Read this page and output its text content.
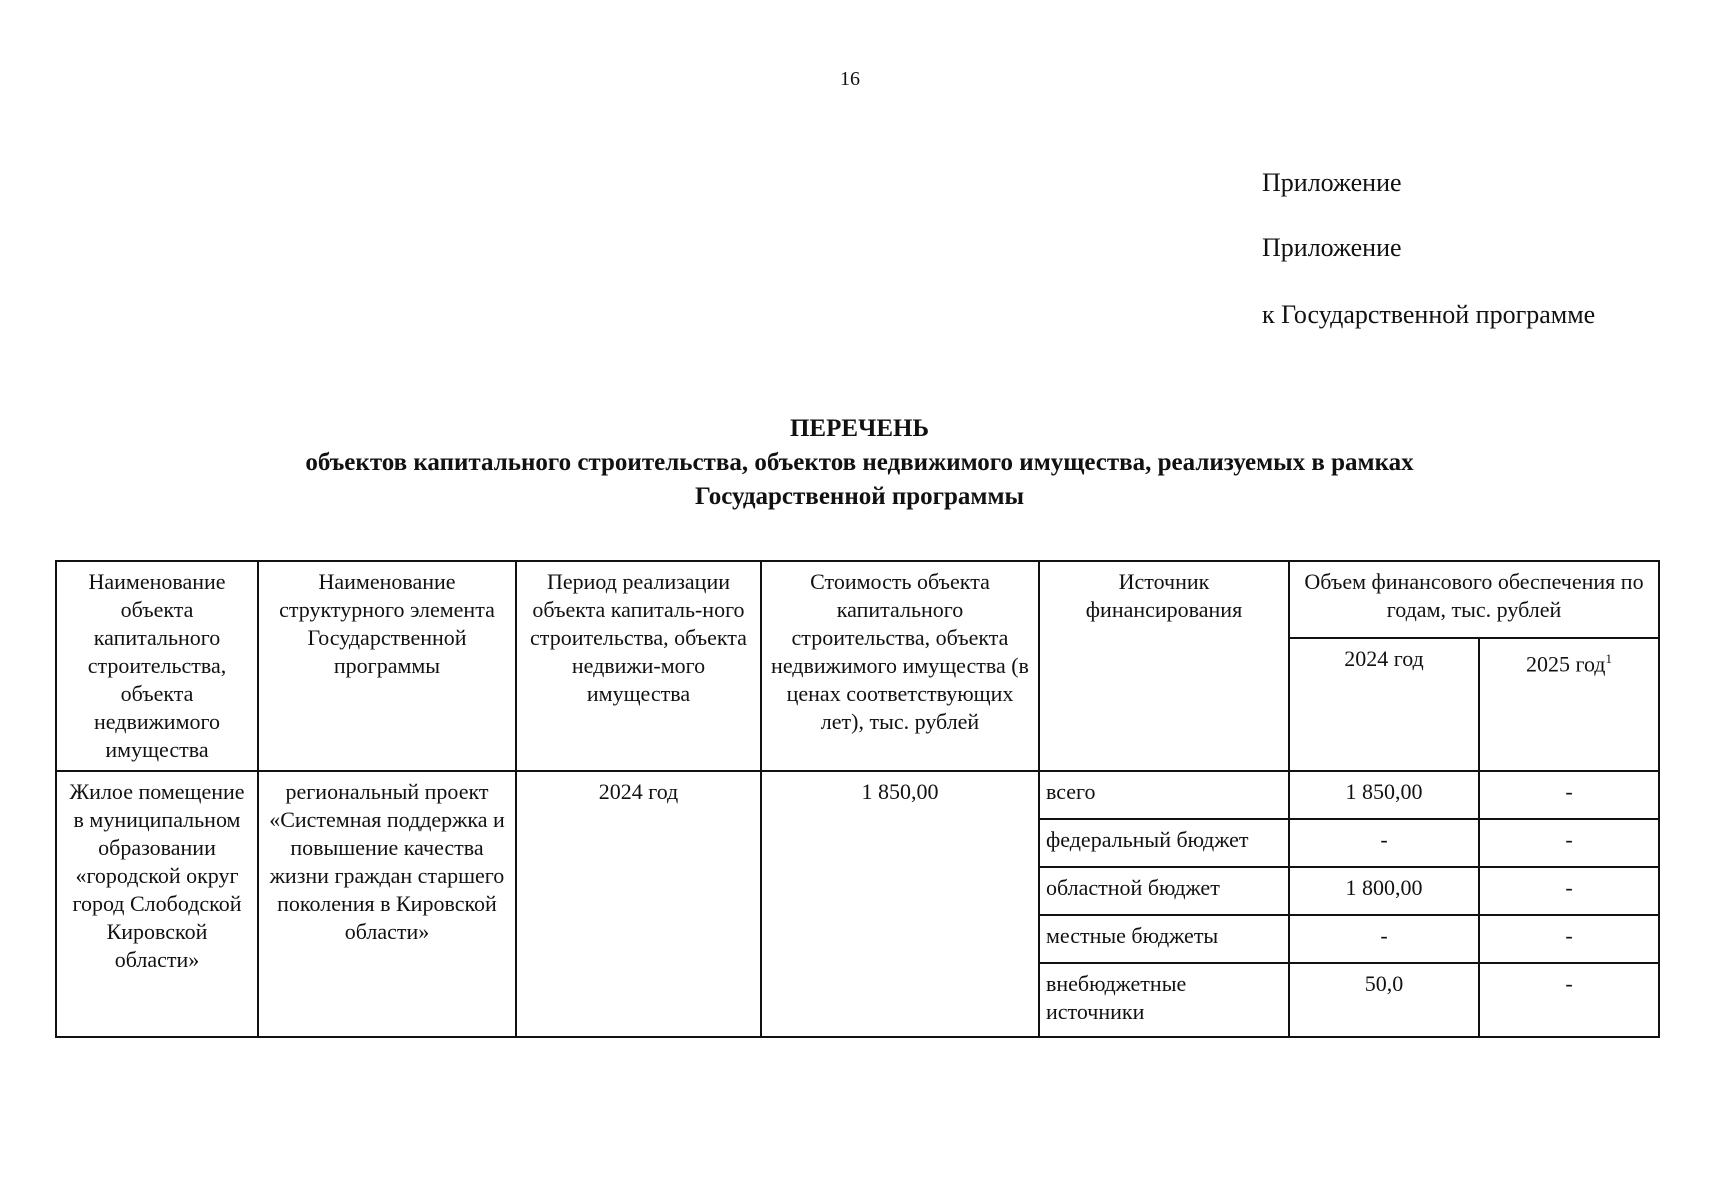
16
Приложение
Приложение
к Государственной программе
ПЕРЕЧЕНЬ
объектов капитального строительства, объектов недвижимого имущества, реализуемых в рамках
Государственной программы
Наименование объекта капитального строительства, объекта недвижимого имущества	Наименование структурного элемента Государственной программы	Период реализации объекта капиталь-ного строительства, объекта недвижи-мого имущества	Стоимость объекта капитального строительства, объекта недвижимого имущества (в ценах соответствующих лет), тыс. рублей	Источник финансирования	Объем финансового обеспечения по годам, тыс. рублей	
					2024 год	2025 год$^1$
Жилое помещение в муниципальном образовании «городской округ город Слободской Кировской области»	региональный проект «Системная поддержка и повышение качества жизни граждан старшего поколения в Кировской области»	2024 год	1 850,00	всего	1 850,00	-
				федеральный бюджет	-	-
				областной бюджет	1 800,00	-
				местные бюджеты	-	-
				внебюджетные источники	50,0	-
